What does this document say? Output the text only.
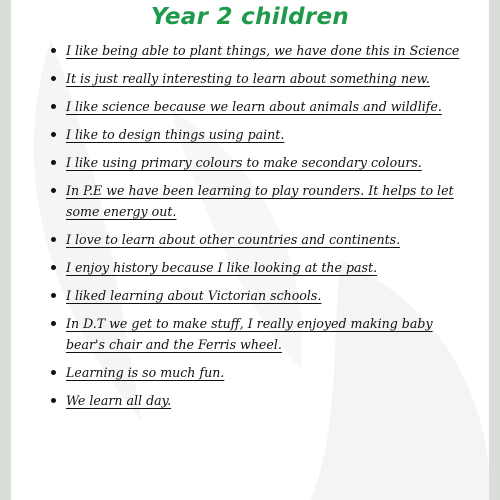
Year 2 children
I like being able to plant things, we have done this in Science
It is just really interesting to learn about something new.
I like science because we learn about animals and wildlife.
I like to design things using paint.
I like using primary colours to make secondary colours.
In P.E we have been learning to play rounders. It helps to let some energy out.
I love to learn about other countries and continents.
I enjoy history because I like looking at the past.
I liked learning about Victorian schools.
In D.T we get to make stuff, I really enjoyed making baby bear's chair and the Ferris wheel.
Learning is so much fun.
We learn all day.
